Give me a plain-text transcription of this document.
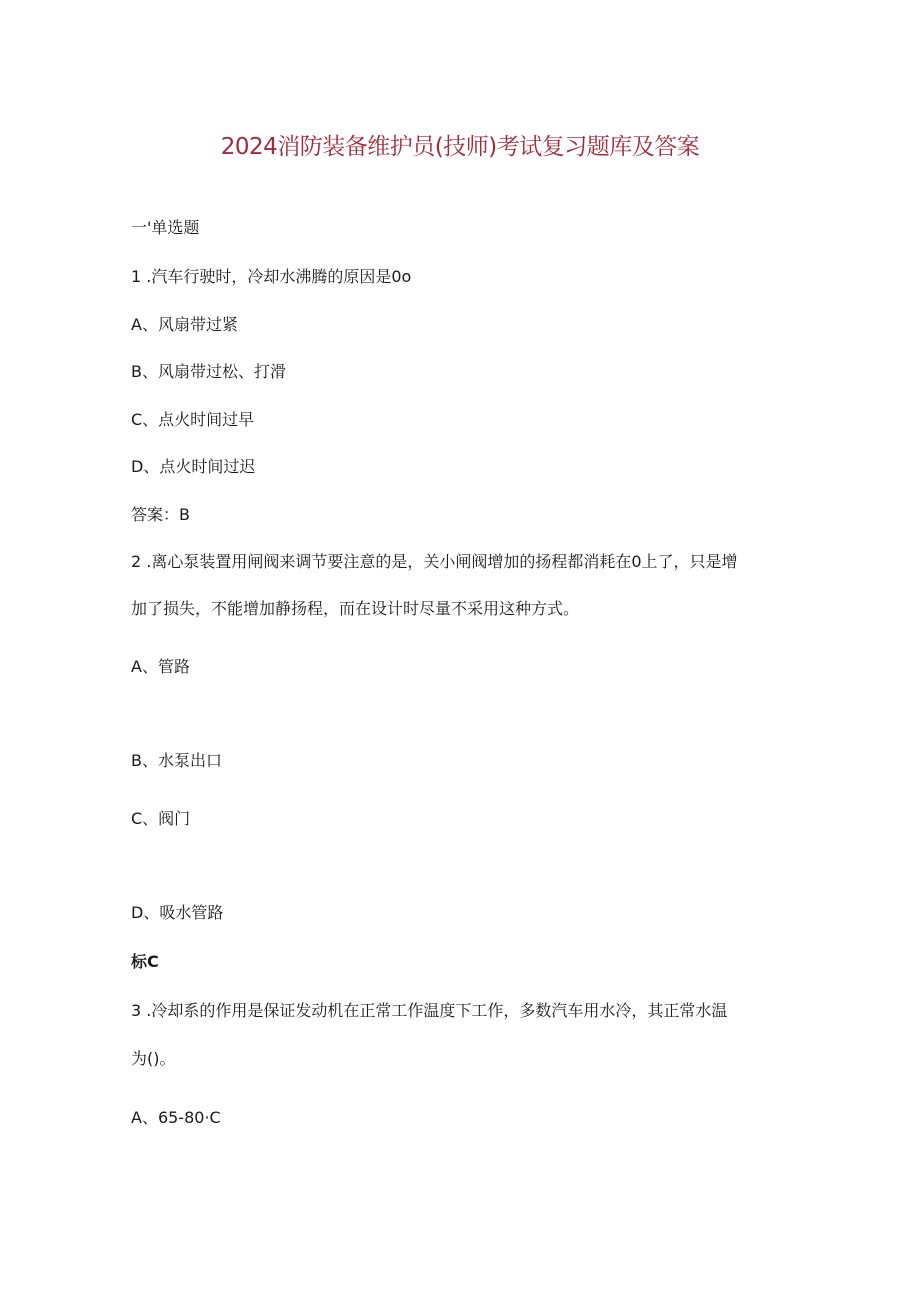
2024消防装备维护员(技师)考试复习题库及答案
一'单选题
1 .汽车行驶时，冷却水沸腾的原因是0o
A、风扇带过紧
B、风扇带过松、打滑
C、点火时间过早
D、点火时间过迟
答案：B
2 .离心泵装置用闸阀来调节要注意的是，关小闸阀增加的扬程都消耗在0上了，只是增
加了损失，不能增加静扬程，而在设计时尽量不采用这种方式。
A、管路
B、水泵出口
C、阀门
D、吸水管路
标C
3 .冷却系的作用是保证发动机在正常工作温度下工作，多数汽车用水冷，其正常水温
为()。
A、65-80·C
